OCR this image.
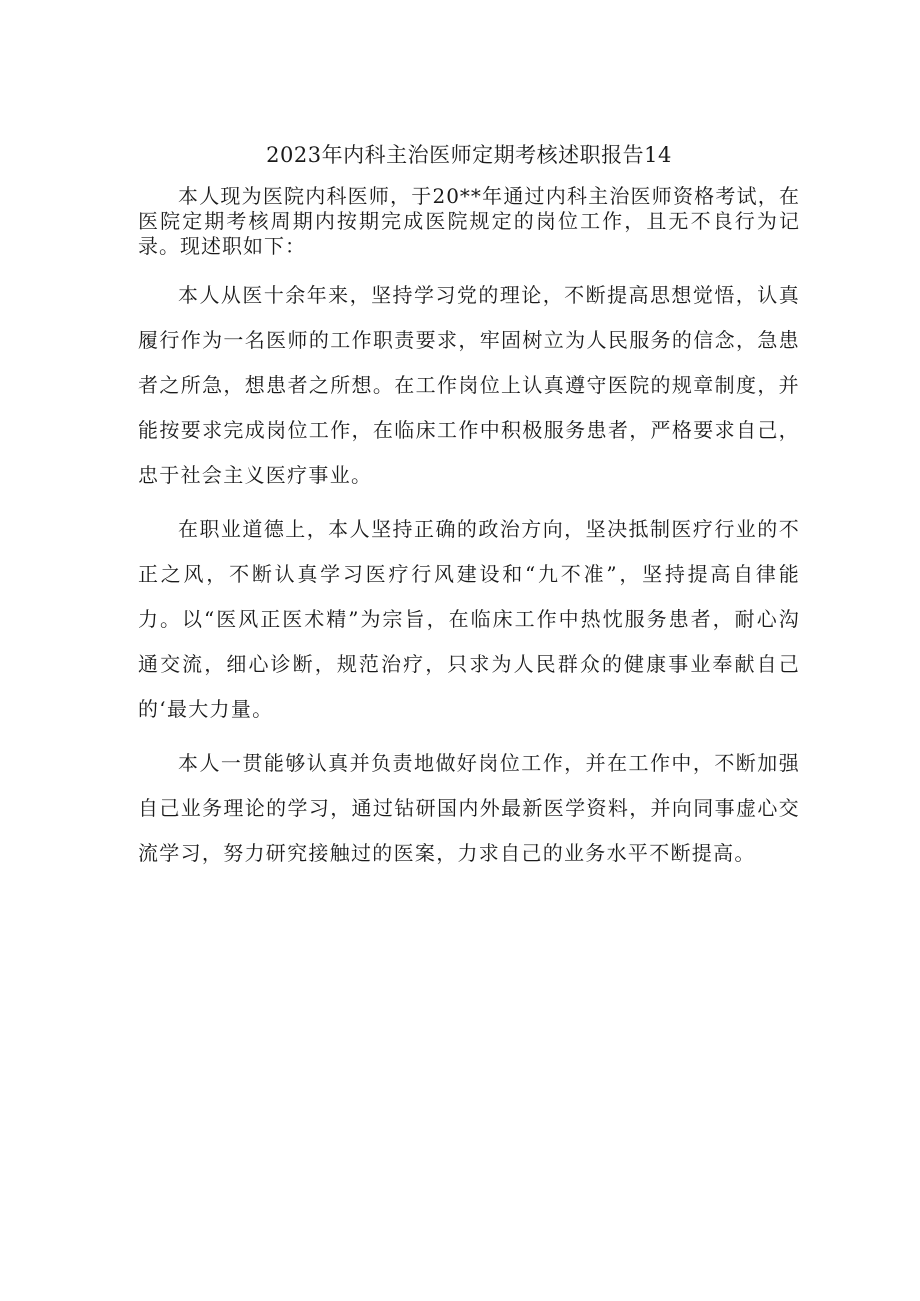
2023年内科主治医师定期考核述职报告14

本人现为医院内科医师，于20**年通过内科主治医师资格考试，在医院定期考核周期内按期完成医院规定的岗位工作，且无不良行为记录。现述职如下：

本人从医十余年来，坚持学习党的理论，不断提高思想觉悟，认真履行作为一名医师的工作职责要求，牢固树立为人民服务的信念，急患者之所急，想患者之所想。在工作岗位上认真遵守医院的规章制度，并能按要求完成岗位工作，在临床工作中积极服务患者，严格要求自己，忠于社会主义医疗事业。

在职业道德上，本人坚持正确的政治方向，坚决抵制医疗行业的不正之风，不断认真学习医疗行风建设和“九不准”，坚持提高自律能力。以“医风正医术精”为宗旨，在临床工作中热忱服务患者，耐心沟通交流，细心诊断，规范治疗，只求为人民群众的健康事业奉献自己的‘最大力量。

本人一贯能够认真并负责地做好岗位工作，并在工作中，不断加强自己业务理论的学习，通过钻研国内外最新医学资料，并向同事虚心交流学习，努力研究接触过的医案，力求自己的业务水平不断提高。
